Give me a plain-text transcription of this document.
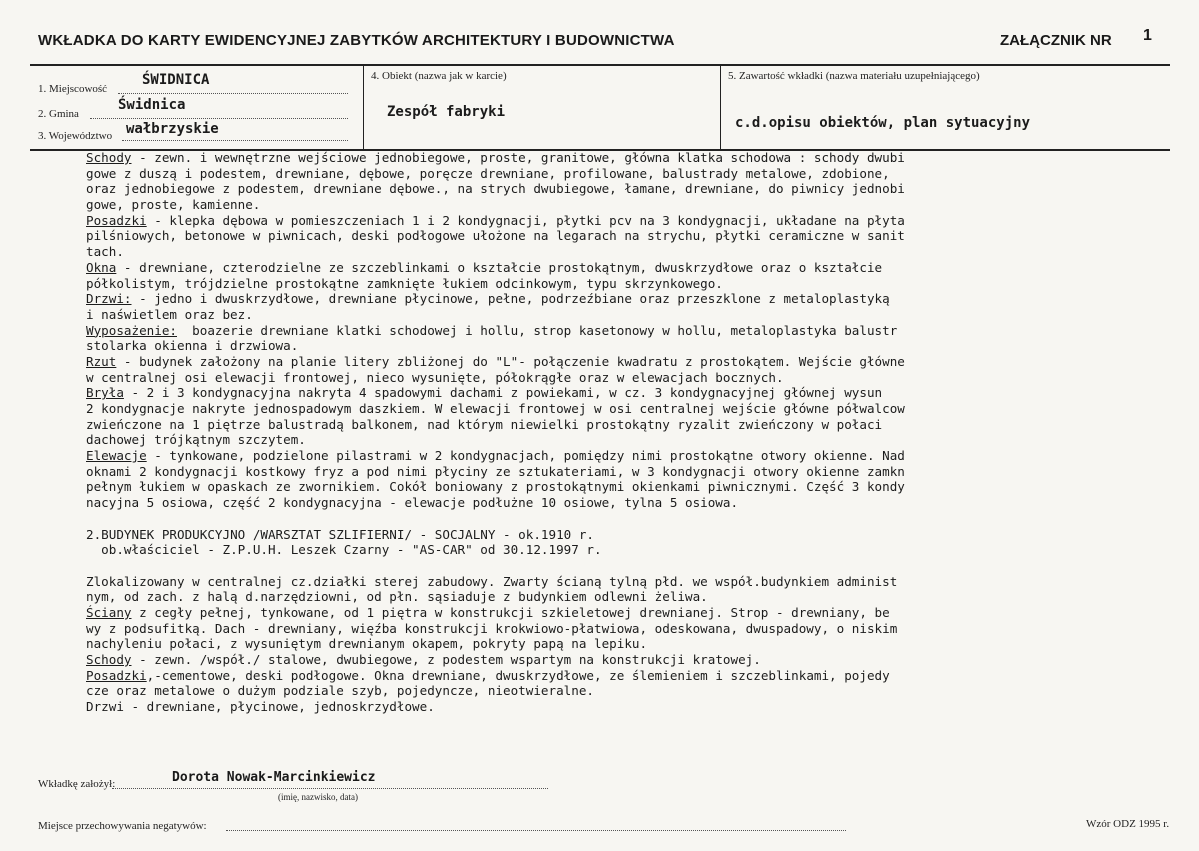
WKŁADKA DO KARTY EWIDENCYJNEJ ZABYTKÓW ARCHITEKTURY I BUDOWNICTWA	ZAŁĄCZNIK NR 1
1. Miejscowość
ŚWIDNICA
2. Gmina
Świdnica
3. Województwo wałbrzyskie
4. Obiekt (nazwa jak w karcie)
Zespół fabryki
5. Zawartość wkładki (nazwa materiału uzupełniającego)
c.d.opisu obiektów, plan sytuacyjny
Schody - zewn. i wewnętrzne wejściowe jednobiegowe, proste, granitowe, główna klatka schodowa : schody dwubi
gowe z duszą i podestem, drewniane, dębowe, poręcze drewniane, profilowane, balustrady metalowe, zdobione,
oraz jednobiegowe z podestem, drewniane dębowe., na strych dwubiegowe, łamane, drewniane, do piwnicy jednobi
gowe, proste, kamienne.
Posadzki - klepka dębowa w pomieszczeniach 1 i 2 kondygnacji, płytki pcv na 3 kondygnacji, układane na płyta
pilśniowych, betonowe w piwnicach, deski podłogowe ułożone na legarach na strychu, płytki ceramiczne w sanit
tach.
Okna - drewniane, czterodzielne ze szczeblinkami o kształcie prostokątnym, dwuskrzydłowe oraz o kształcie
półkolistym, trójdzielne prostokątne zamknięte łukiem odcinkowym, typu skrzynkowego.
Drzwi: - jedno i dwuskrzydłowe, drewniane płycinowe, pełne, podrzeźbiane oraz przeszklone z metaloplastyką
i naświetlem oraz bez.
Wyposażenie:  boazerie drewniane klatki schodowej i hollu, strop kasetonowy w hollu, metaloplastyka balustr
stolarka okienna i drzwiowa.
Rzut - budynek założony na planie litery zbliżonej do "L"- połączenie kwadratu z prostokątem. Wejście główne
w centralnej osi elewacji frontowej, nieco wysunięte, półokrągłe oraz w elewacjach bocznych.
Bryła - 2 i 3 kondygnacyjna nakryta 4 spadowymi dachami z powiekami, w cz. 3 kondygnacyjnej głównej wysun
2 kondygnacje nakryte jednospadowym daszkiem. W elewacji frontowej w osi centralnej wejście główne półwalcow
zwieńczone na 1 piętrze balustradą balkonem, nad którym niewielki prostokątny ryzalit zwieńczony w połaci
dachowej trójkątnym szczytem.
Elewacje - tynkowane, podzielone pilastrami w 2 kondygnacjach, pomiędzy nimi prostokątne otwory okienne. Nad
oknami 2 kondygnacji kostkowy fryz a pod nimi płyciny ze sztukateriami, w 3 kondygnacji otwory okienne zamkn
pełnym łukiem w opaskach ze zwornikiem. Cokół boniowany z prostokątnymi okienkami piwnicznymi. Część 3 kondy
nacyjna 5 osiowa, część 2 kondygnacyjna - elewacje podłużne 10 osiowe, tylna 5 osiowa.
2.BUDYNEK PRODUKCYJNO /WARSZTAT SZLIFIERNI/ - SOCJALNY - ok.1910 r.
ob.właściciel - Z.P.U.H. Leszek Czarny - "AS-CAR" od 30.12.1997 r.
Zlokalizowany w centralnej cz.działki sterej zabudowy. Zwarty ścianą tylną płd. we współ.budynkiem administ
nym, od zach. z halą d.narzędziowni, od płn. sąsiaduje z budynkiem odlewni żeliwa.
Ściany z cegły pełnej, tynkowane, od 1 piętra w konstrukcji szkieletowej drewnianej. Strop - drewniany, be
wy z podsufitką. Dach - drewniany, więźba konstrukcji krokwiowo-płatwiowa, odeskowana, dwuspadowy, o niskim
nachyleniu połaci, z wysuniętym drewnianym okapem, pokryty papą na lepiku.
Schody - zewn. /współ./ stalowe, dwubiegowe, z podestem wspartym na konstrukcji kratowej.
Posadzki,-cementowe, deski podłogowe. Okna drewniane, dwuskrzydłowe, ze ślemieniem i szczeblinkami, pojedy
cze oraz metalowe o dużym podziale szyb, pojedyncze, nieotwieralne.
Drzwi - drewniane, płycinowe, jednoskrzydłowe.
Wkładkę założył:	Dorota Nowak-Marcinkiewicz
(imię, nazwisko, data)
Miejsce przechowywania negatywów:	Wzór ODZ 1995 r.
